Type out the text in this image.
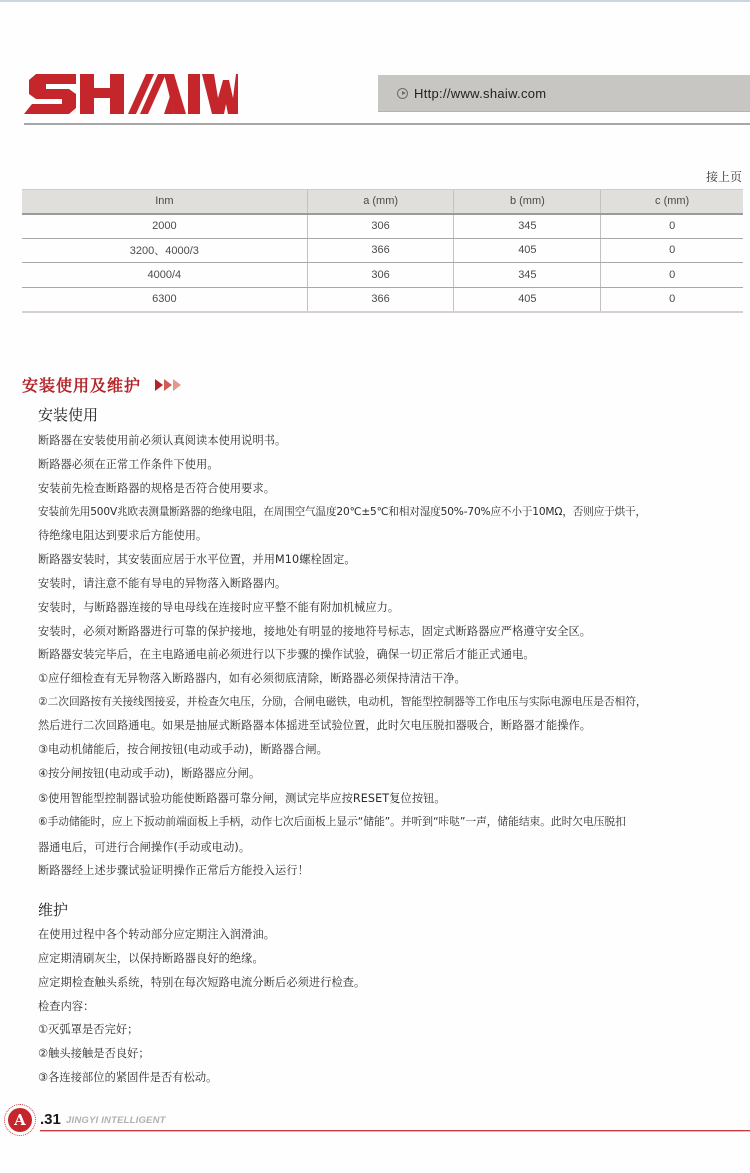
Http://www.shaiw.com
接上页
Inm	a (mm)	b (mm)	c (mm)
2000	306	345	0
3200、4000/3	366	405	0
4000/4	306	345	0
6300	366	405	0
安装使用及维护
安装使用
断路器在安装使用前必须认真阅读本使用说明书。
断路器必须在正常工作条件下使用。
安装前先检查断路器的规格是否符合使用要求。
安装前先用500V兆欧表测量断路器的绝缘电阻，在周围空气温度20℃±5℃和相对湿度50%-70%应不小于10MΩ，否则应于烘干，
待绝缘电阻达到要求后方能使用。
断路器安装时，其安装面应居于水平位置，并用M10螺栓固定。
安装时，请注意不能有导电的异物落入断路器内。
安装时，与断路器连接的导电母线在连接时应平整不能有附加机械应力。
安装时，必须对断路器进行可靠的保护接地，接地处有明显的接地符号标志，固定式断路器应严格遵守安全区。
断路器安装完毕后，在主电路通电前必须进行以下步骤的操作试验，确保一切正常后才能正式通电。
①应仔细检查有无异物落入断路器内，如有必须彻底清除，断路器必须保持清洁干净。
②二次回路按有关接线图接妥，并检查欠电压，分励，合闸电磁铁，电动机，智能型控制器等工作电压与实际电源电压是否相符，
然后进行二次回路通电。如果是抽屉式断路器本体摇进至试验位置，此时欠电压脱扣器吸合，断路器才能操作。
③电动机储能后，按合闸按钮(电动或手动)，断路器合闸。
④按分闸按钮(电动或手动)，断路器应分闸。
⑤使用智能型控制器试验功能使断路器可靠分闸，测试完毕应按RESET复位按钮。
⑥手动储能时，应上下扳动前端面板上手柄，动作七次后面板上显示“储能”。并听到“咔哒”一声，储能结束。此时欠电压脱扣
器通电后，可进行合闸操作(手动或电动)。
断路器经上述步骤试验证明操作正常后方能投入运行！
维护
在使用过程中各个转动部分应定期注入润滑油。
应定期清刷灰尘，以保持断路器良好的绝缘。
应定期检查触头系统，特别在每次短路电流分断后必须进行检查。
检查内容：
①灭弧罩是否完好；
②触头接触是否良好；
③各连接部位的紧固件是否有松动。
A .31 JINGYI INTELLIGENT
